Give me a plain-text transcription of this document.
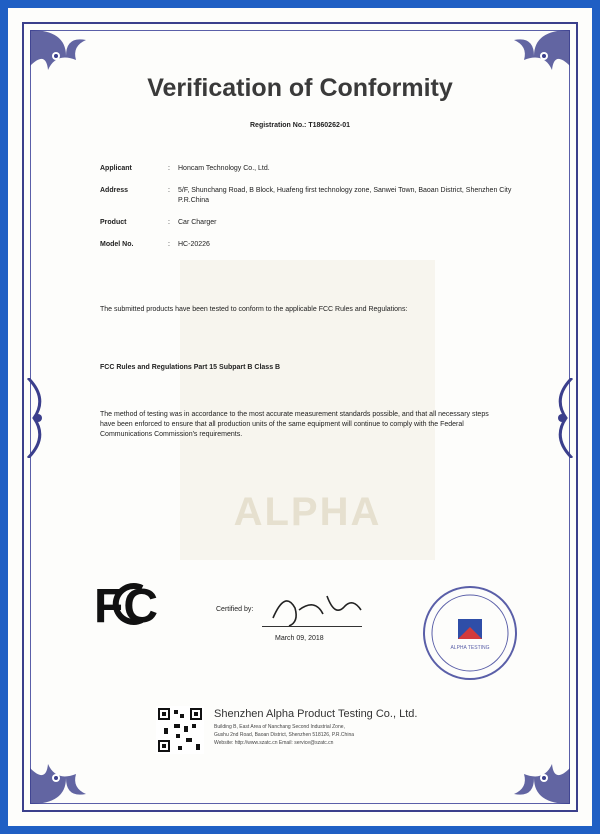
ALPHA
Verification of Conformity
Registration No.: T1860262-01
Applicant	:	Honcam Technology Co., Ltd.
Address	:	5/F, Shunchang Road, B Block, Huafeng first technology zone, Sanwei Town, Baoan District, Shenzhen City P.R.China
Product	:	Car Charger
Model No.	:	HC-20226
The submitted products have been tested to conform to the applicable FCC Rules and Regulations:
FCC Rules and Regulations Part 15 Subpart B Class B
The method of testing was in accordance to the most accurate measurement standards possible, and that all necessary steps have been enforced to ensure that all production units of the same equipment will continue to comply with the Federal Communications Commission's requirements.
FC	Certified by:
March 09, 2018
ALPHA TESTING
Shenzhen Alpha Product Testing Co., Ltd.
Building B, East Area of Nanchang Second Industrial Zone,
Gushu 2nd Road, Baoan District, Shenzhen 518126, P.R.China
Website: http://www.szatc.cn Email: service@szatc.cn
